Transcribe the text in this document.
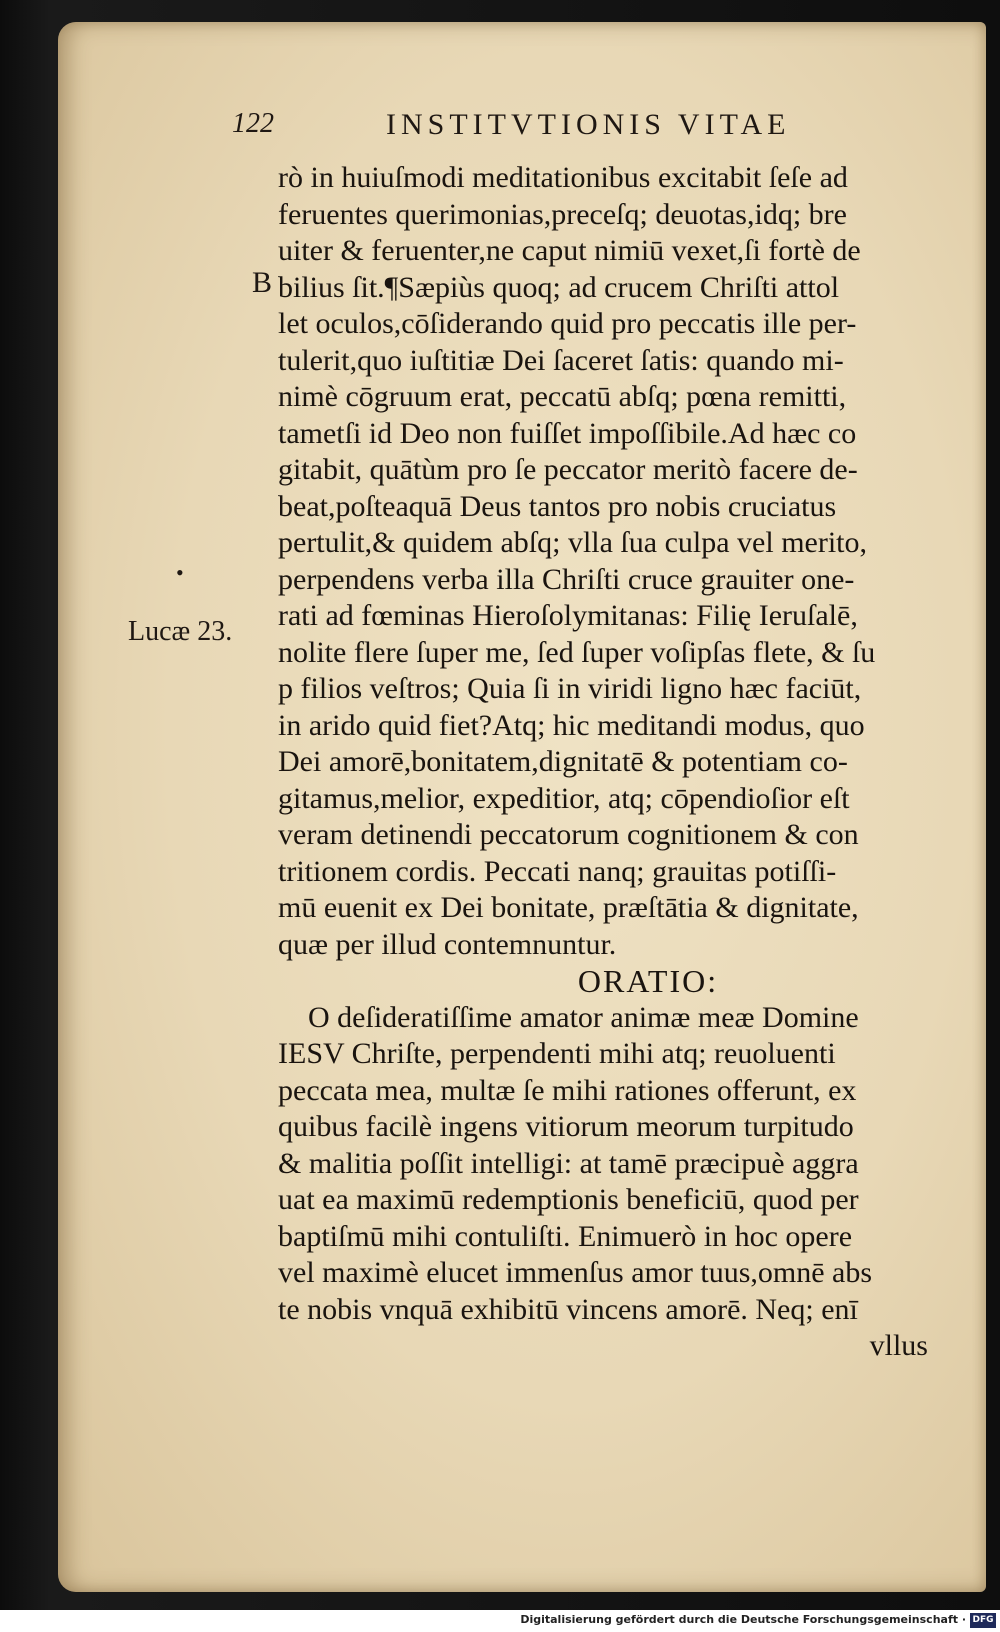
122	INSTITVTIONIS VITAE
B
•
Lucæ 23.
rò in huiuſmodi meditationibus excitabit ſeſe ad
feruentes querimonias,preceſq; deuotas,idq; bre
uiter & feruenter,ne caput nimiū vexet,ſi fortè de
bilius ſit.¶Sæpiùs quoq; ad crucem Chriſti attol
let oculos,cōſiderando quid pro peccatis ille per-
tulerit,quo iuſtitiæ Dei ſaceret ſatis: quando mi-
nimè cōgruum erat, peccatū abſq; pœna remitti,
tametſi id Deo non fuiſſet impoſſibile.Ad hæc co
gitabit, quātùm pro ſe peccator meritò facere de-
beat,poſteaquā Deus tantos pro nobis cruciatus
pertulit,& quidem abſq; vlla ſua culpa vel merito,
perpendens verba illa Chriſti cruce grauiter one-
rati ad fœminas Hieroſolymitanas: Filię Ieruſalē,
nolite flere ſuper me, ſed ſuper voſipſas flete, & ſu
p filios veſtros; Quia ſi in viridi ligno hæc faciūt,
in arido quid fiet?Atq; hic meditandi modus, quo
Dei amorē,bonitatem,dignitatē & potentiam co-
gitamus,melior, expeditior, atq; cōpendioſior eſt
veram detinendi peccatorum cognitionem & con
tritionem cordis. Peccati nanq; grauitas potiſſi-
mū euenit ex Dei bonitate, præſtātia & dignitate,
quæ per illud contemnuntur.
ORATIO:
O deſideratiſſime amator animæ meæ Domine
IESV Chriſte, perpendenti mihi atq; reuoluenti
peccata mea, multæ ſe mihi rationes offerunt, ex
quibus facilè ingens vitiorum meorum turpitudo
& malitia poſſit intelligi: at tamē præcipuè aggra
uat ea maximū redemptionis beneficiū, quod per
baptiſmū mihi contuliſti. Enimuerò in hoc opere
vel maximè elucet immenſus amor tuus,omnē abs
te nobis vnquā exhibitū vincens amorē. Neq; enī
vllus
Digitalisierung gefördert durch die Deutsche Forschungsgemeinschaft · DFG
